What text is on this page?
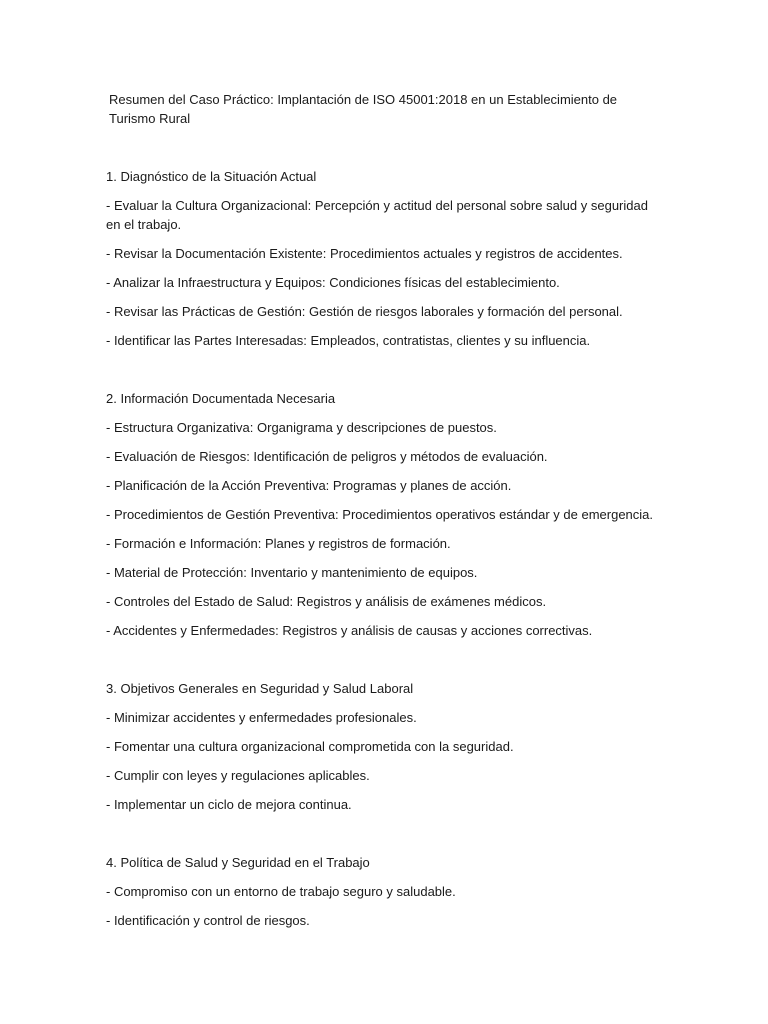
Resumen del Caso Práctico: Implantación de ISO 45001:2018 en un Establecimiento de Turismo Rural

1. Diagnóstico de la Situación Actual

- Evaluar la Cultura Organizacional: Percepción y actitud del personal sobre salud y seguridad en el trabajo.

- Revisar la Documentación Existente: Procedimientos actuales y registros de accidentes.

- Analizar la Infraestructura y Equipos: Condiciones físicas del establecimiento.

- Revisar las Prácticas de Gestión: Gestión de riesgos laborales y formación del personal.

- Identificar las Partes Interesadas: Empleados, contratistas, clientes y su influencia.

2. Información Documentada Necesaria

- Estructura Organizativa: Organigrama y descripciones de puestos.

- Evaluación de Riesgos: Identificación de peligros y métodos de evaluación.

- Planificación de la Acción Preventiva: Programas y planes de acción.

- Procedimientos de Gestión Preventiva: Procedimientos operativos estándar y de emergencia.

- Formación e Información: Planes y registros de formación.

- Material de Protección: Inventario y mantenimiento de equipos.

- Controles del Estado de Salud: Registros y análisis de exámenes médicos.

- Accidentes y Enfermedades: Registros y análisis de causas y acciones correctivas.

3. Objetivos Generales en Seguridad y Salud Laboral

- Minimizar accidentes y enfermedades profesionales.

- Fomentar una cultura organizacional comprometida con la seguridad.

- Cumplir con leyes y regulaciones aplicables.

- Implementar un ciclo de mejora continua.

4. Política de Salud y Seguridad en el Trabajo

- Compromiso con un entorno de trabajo seguro y saludable.

- Identificación y control de riesgos.
